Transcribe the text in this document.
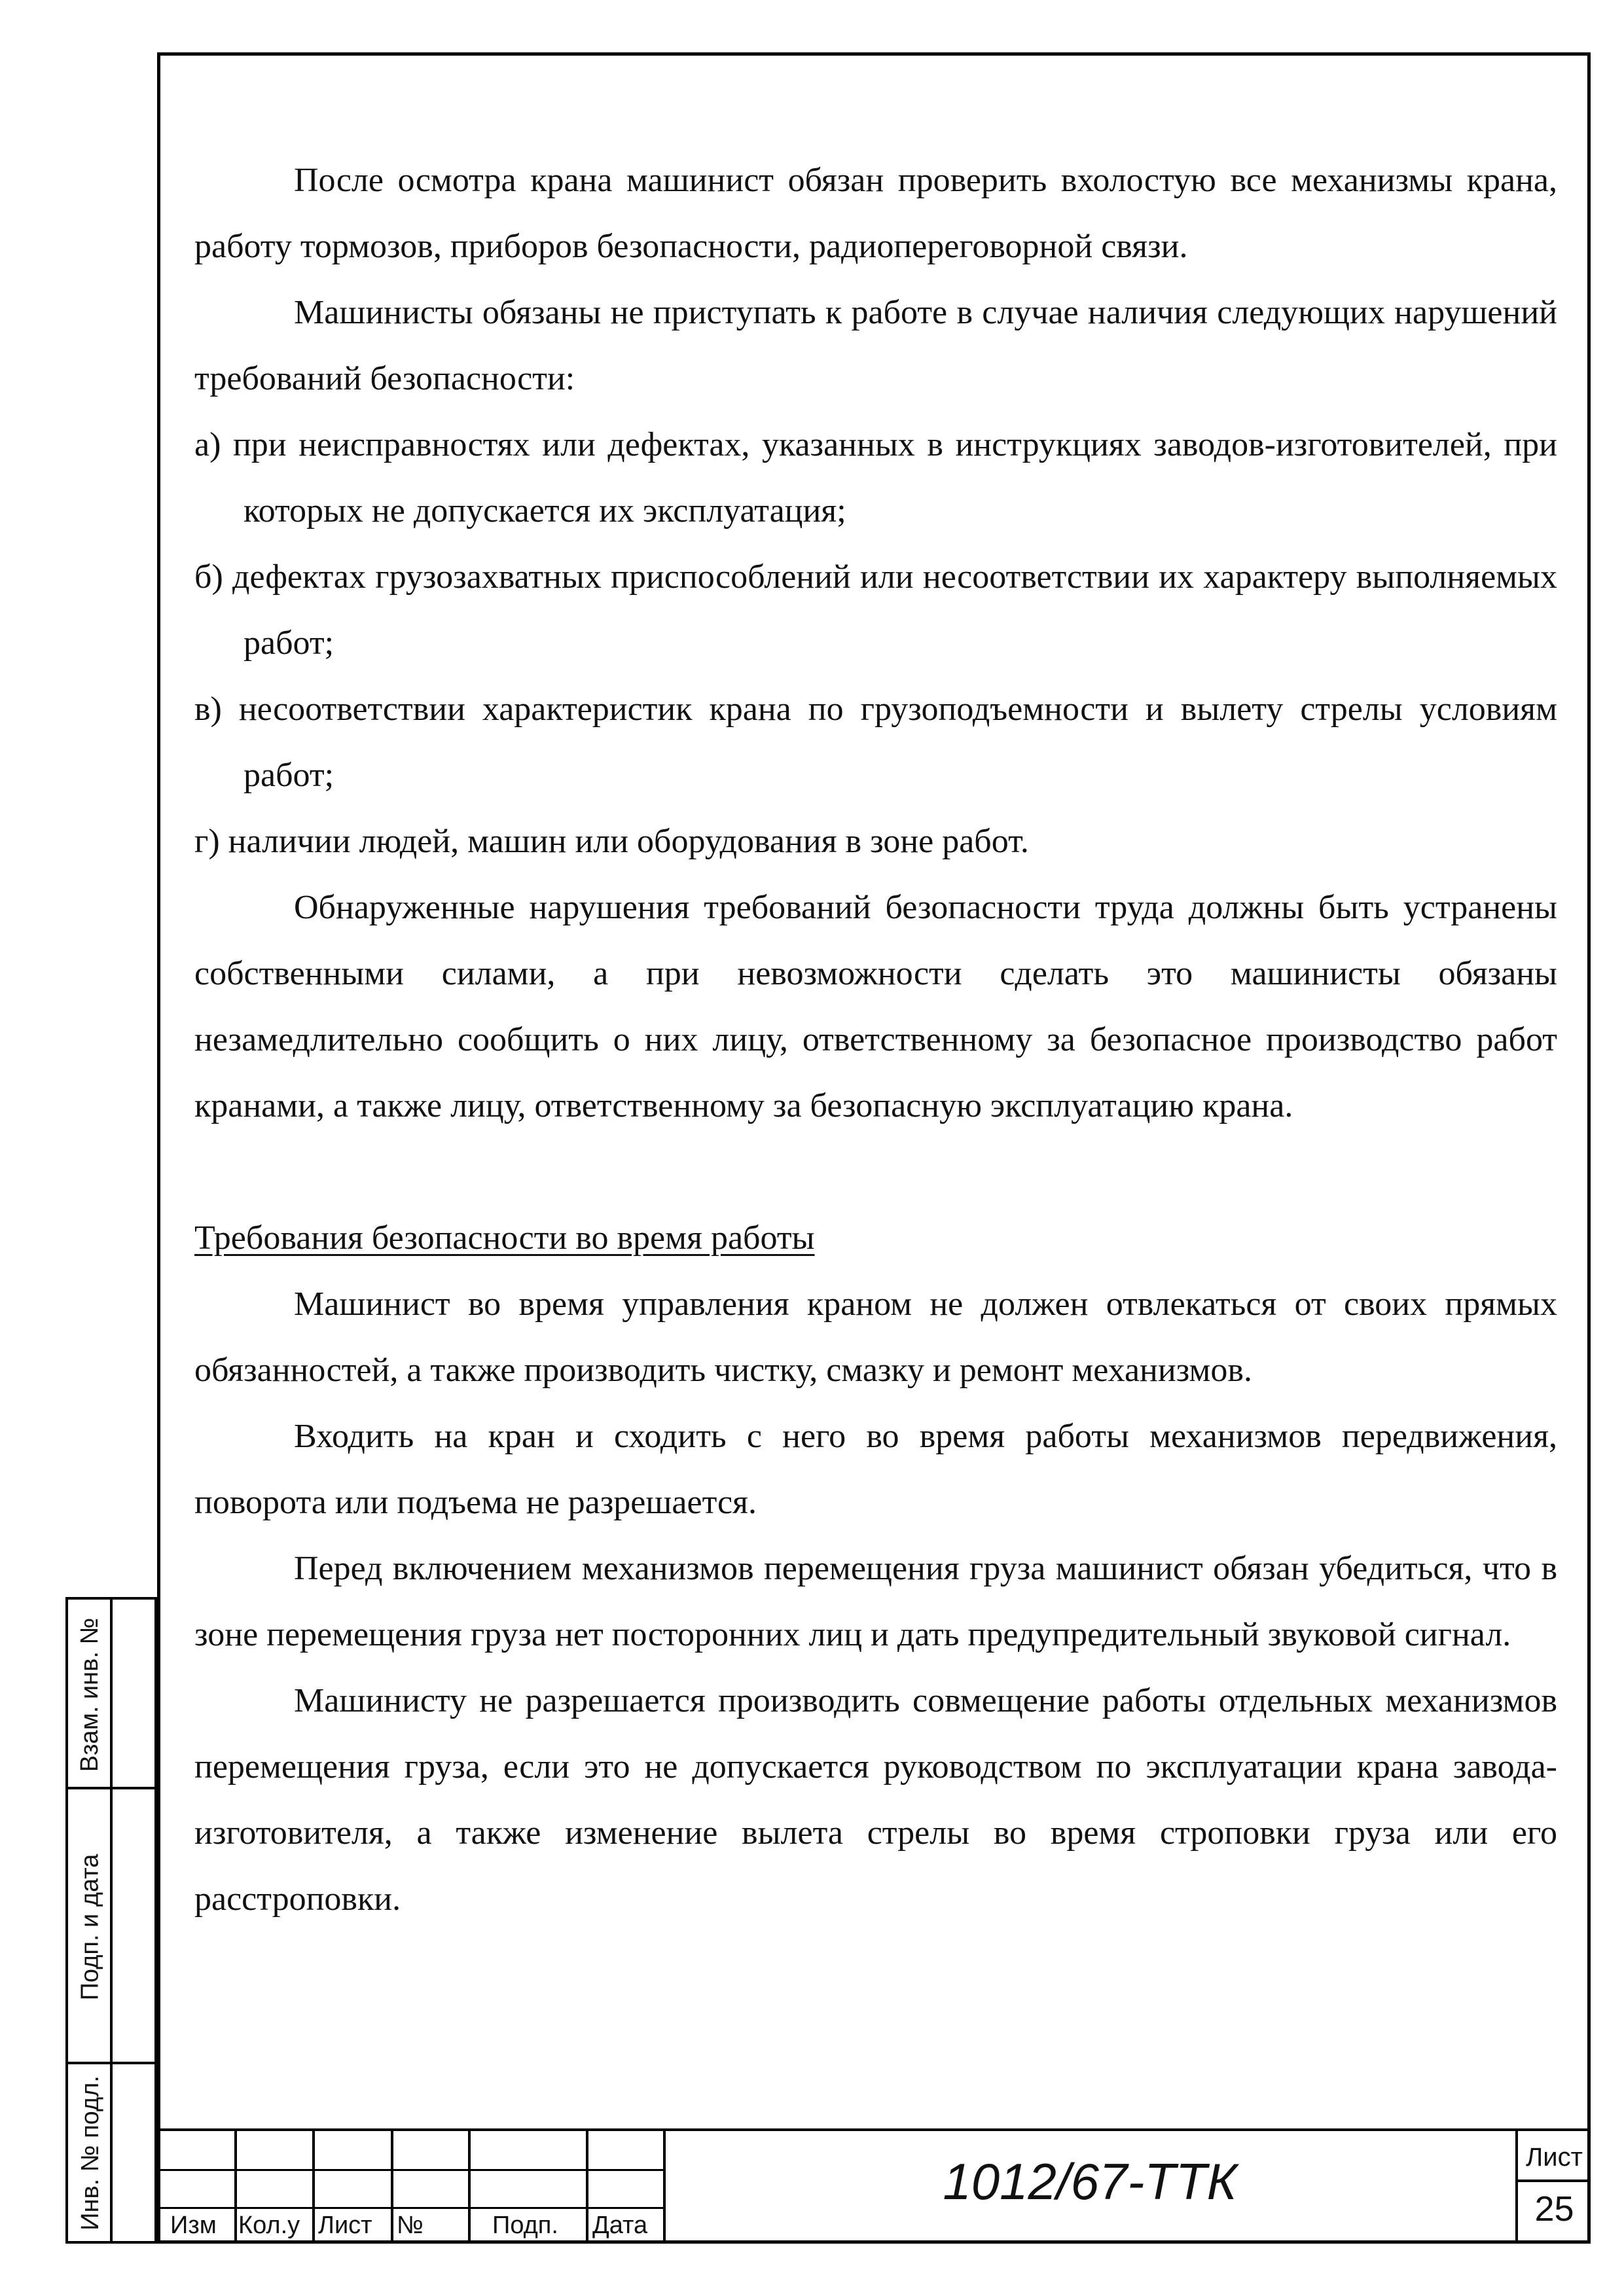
После осмотра крана машинист обязан проверить вхолостую все механизмы крана, работу тормозов, приборов безопасности, радиопереговорной связи.

Машинисты обязаны не приступать к работе в случае наличия следующих нарушений требований безопасности:

а) при неисправностях или дефектах, указанных в инструкциях заводов-изготовителей, при которых не допускается их эксплуатация;

б) дефектах грузозахватных приспособлений или несоответствии их характеру выполняемых работ;

в) несоответствии характеристик крана по грузоподъемности и вылету стрелы условиям работ;

г) наличии людей, машин или оборудования в зоне работ.

Обнаруженные нарушения требований безопасности труда должны быть устранены собственными силами, а при невозможности сделать это машинисты обязаны незамедлительно сообщить о них лицу, ответственному за безопасное производство работ кранами, а также лицу, ответственному за безопасную эксплуатацию крана.

Требования безопасности во время работы

Машинист во время управления краном не должен отвлекаться от своих прямых обязанностей, а также производить чистку, смазку и ремонт механизмов.

Входить на кран и сходить с него во время работы механизмов передвижения, поворота или подъема не разрешается.

Перед включением механизмов перемещения груза машинист обязан убедиться, что в зоне перемещения груза нет посторонних лиц и дать предупредительный звуковой сигнал.

Машинисту не разрешается производить совмещение работы отдельных механизмов перемещения груза, если это не допускается руководством по эксплуатации крана завода-изготовителя, а также изменение вылета стрелы во время строповки груза или его расстроповки.

Взам. инв. №
Подп. и дата
Инв. № подл.	Изм Кол.у Лист №	Подп. Дата
1012/67-ТТК	Лист
25
